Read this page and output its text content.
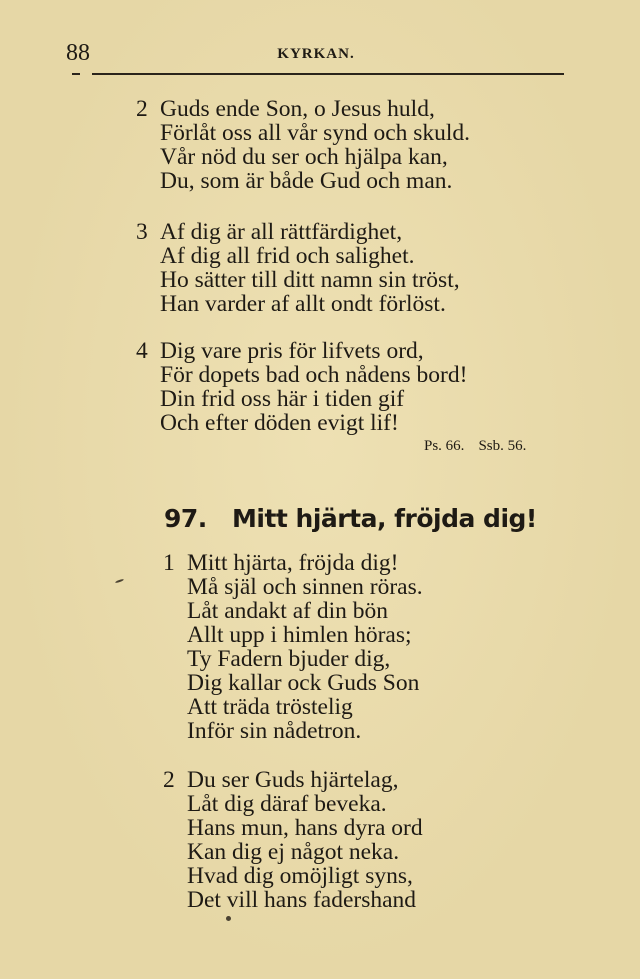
88	KYRKAN.
2 Guds ende Son, o Jesus huld,
Förlåt oss all vår synd och skuld.
Vår nöd du ser och hjälpa kan,
Du, som är både Gud och man.
3 Af dig är all rättfärdighet,
Af dig all frid och salighet.
Ho sätter till ditt namn sin tröst,
Han varder af allt ondt förlöst.
4 Dig vare pris för lifvets ord,
För dopets bad och nådens bord!
Din frid oss här i tiden gif
Och efter döden evigt lif!
Ps. 66. Ssb. 56.
97. Mitt hjärta, fröjda dig!
1 Mitt hjärta, fröjda dig!
Må själ och sinnen röras.
Låt andakt af din bön
Allt upp i himlen höras;
Ty Fadern bjuder dig,
Dig kallar ock Guds Son
Att träda tröstelig
Inför sin nådetron.
2 Du ser Guds hjärtelag,
Låt dig däraf beveka.
Hans mun, hans dyra ord
Kan dig ej något neka.
Hvad dig omöjligt syns,
Det vill hans fadershand
